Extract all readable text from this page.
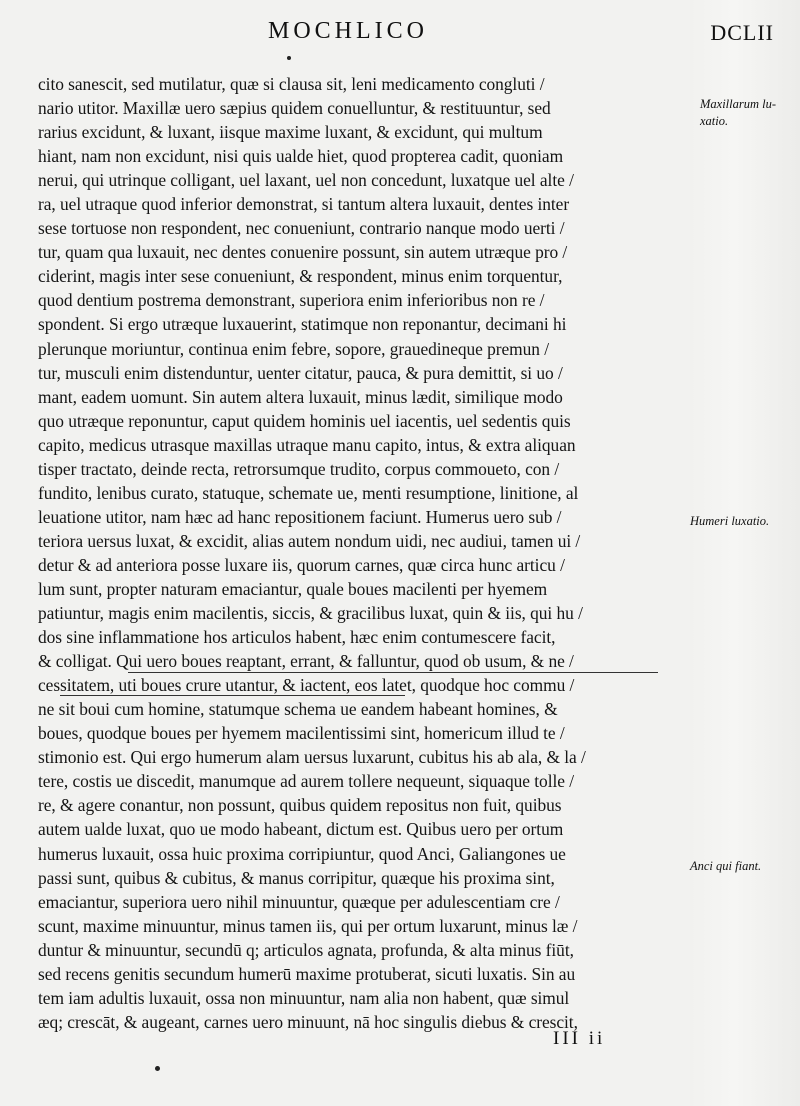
MOCHLICO	DCLII
cito sanescit, sed mutilatur, quæ si clausa sit, leni medicamento congluti /
nario utitor. Maxillæ uero sæpius quidem conuelluntur, & restituuntur, sed
rarius excidunt, & luxant, iisque maxime luxant, & excidunt, qui multum
hiant, nam non excidunt, nisi quis ualde hiet, quod propterea cadit, quoniam
nerui, qui utrinque colligant, uel laxant, uel non concedunt, luxatque uel alte /
ra, uel utraque quod inferior demonstrat, si tantum altera luxauit, dentes inter
sese tortuose non respondent, nec conueniunt, contrario nanque modo uerti /
tur, quam qua luxauit, nec dentes conuenire possunt, sin autem utræque pro /
ciderint, magis inter sese conueniunt, & respondent, minus enim torquentur,
quod dentium postrema demonstrant, superiora enim inferioribus non re /
spondent. Si ergo utræque luxauerint, statimque non reponantur, decimani hi
plerunque moriuntur, continua enim febre, sopore, grauedineque premun /
tur, musculi enim distenduntur, uenter citatur, pauca, & pura demittit, si uo /
mant, eadem uomunt. Sin autem altera luxauit, minus lædit, similique modo
quo utræque reponuntur, caput quidem hominis uel iacentis, uel sedentis quis
capito, medicus utrasque maxillas utraque manu capito, intus, & extra aliquan
tisper tractato, deinde recta, retrorsumque trudito, corpus commoueto, con /
fundito, lenibus curato, statuque, schemate ue, menti resumptione, linitione, al
leuatione utitor, nam hæc ad hanc repositionem faciunt. Humerus uero sub /
teriora uersus luxat, & excidit, alias autem nondum uidi, nec audiui, tamen ui /
detur & ad anteriora posse luxare iis, quorum carnes, quæ circa hunc articu /
lum sunt, propter naturam emaciantur, quale boues macilenti per hyemem
patiuntur, magis enim macilentis, siccis, & gracilibus luxat, quin & iis, qui hu /
dos sine inflammatione hos articulos habent, hæc enim contumescere facit,
& colligat. Qui uero boues reaptant, errant, & falluntur, quod ob usum, & ne /
cessitatem, uti boues crure utantur, & iactent, eos latet, quodque hoc commu /
ne sit boui cum homine, statumque schema ue eandem habeant homines, &
boues, quodque boues per hyemem macilentissimi sint, homericum illud te /
stimonio est. Qui ergo humerum alam uersus luxarunt, cubitus his ab ala, & la /
tere, costis ue discedit, manumque ad aurem tollere nequeunt, siquaque tolle /
re, & agere conantur, non possunt, quibus quidem repositus non fuit, quibus
autem ualde luxat, quo ue modo habeant, dictum est. Quibus uero per ortum
humerus luxauit, ossa huic proxima corripiuntur, quod Anci, Galiangones ue
passi sunt, quibus & cubitus, & manus corripitur, quæque his proxima sint,
emaciantur, superiora uero nihil minuuntur, quæque per adulescentiam cre /
scunt, maxime minuuntur, minus tamen iis, qui per ortum luxarunt, minus læ /
duntur & minuuntur, secundū q; articulos agnata, profunda, & alta minus fiūt,
sed recens genitis secundum humerū maxime protuberat, sicuti luxatis. Sin au
tem iam adultis luxauit, ossa non minuuntur, nam alia non habent, quæ simul
æq; crescāt, & augeant, carnes uero minuunt, nā hoc singulis diebus & crescit,
Maxillarum lu-
xatio.
Humeri luxatio.
Anci qui fiant.
III ii
